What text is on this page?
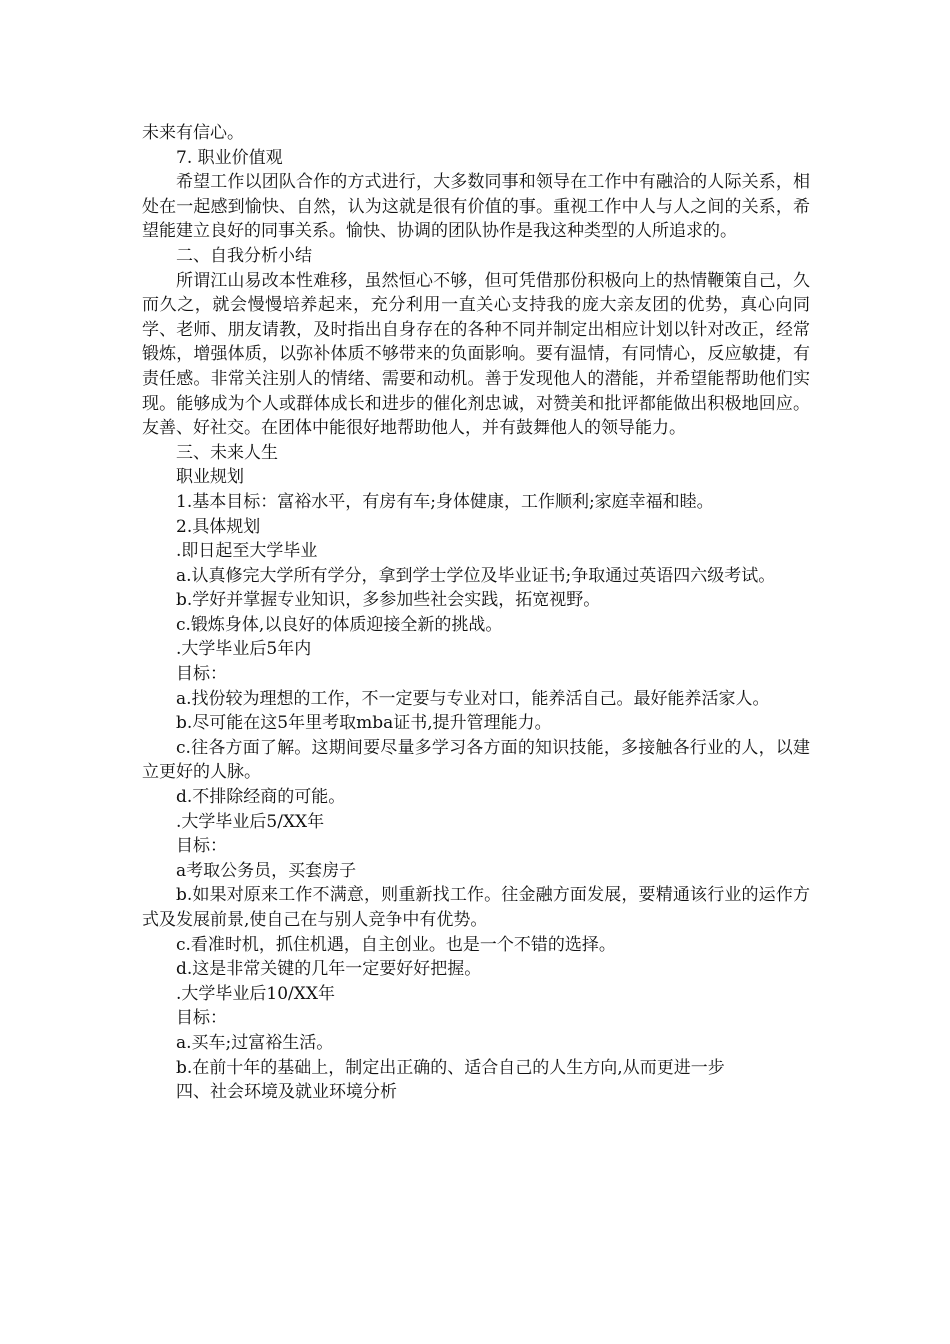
未来有信心。

7. 职业价值观

希望工作以团队合作的方式进行，大多数同事和领导在工作中有融洽的人际关系，相处在一起感到愉快、自然，认为这就是很有价值的事。重视工作中人与人之间的关系，希望能建立良好的同事关系。愉快、协调的团队协作是我这种类型的人所追求的。

二、自我分析小结

所谓江山易改本性难移，虽然恒心不够，但可凭借那份积极向上的热情鞭策自己，久而久之，就会慢慢培养起来，充分利用一直关心支持我的庞大亲友团的优势，真心向同学、老师、朋友请教，及时指出自身存在的各种不同并制定出相应计划以针对改正，经常锻炼，增强体质，以弥补体质不够带来的负面影响。要有温情，有同情心，反应敏捷，有责任感。非常关注别人的情绪、需要和动机。善于发现他人的潜能，并希望能帮助他们实现。能够成为个人或群体成长和进步的催化剂忠诚，对赞美和批评都能做出积极地回应。友善、好社交。在团体中能很好地帮助他人，并有鼓舞他人的领导能力。

三、未来人生

职业规划

1.基本目标：富裕水平，有房有车;身体健康，工作顺利;家庭幸福和睦。

2.具体规划

.即日起至大学毕业

a.认真修完大学所有学分，拿到学士学位及毕业证书;争取通过英语四六级考试。

b.学好并掌握专业知识，多参加些社会实践，拓宽视野。

c.锻炼身体,以良好的体质迎接全新的挑战。

.大学毕业后5年内

目标：

a.找份较为理想的工作，不一定要与专业对口，能养活自己。最好能养活家人。

b.尽可能在这5年里考取mba证书,提升管理能力。

c.往各方面了解。这期间要尽量多学习各方面的知识技能，多接触各行业的人，以建立更好的人脉。

d.不排除经商的可能。

.大学毕业后5/XX年

目标：

a考取公务员，买套房子

b.如果对原来工作不满意，则重新找工作。往金融方面发展，要精通该行业的运作方式及发展前景,使自己在与别人竞争中有优势。

c.看准时机，抓住机遇，自主创业。也是一个不错的选择。

d.这是非常关键的几年一定要好好把握。

.大学毕业后10/XX年

目标：

a.买车;过富裕生活。

b.在前十年的基础上，制定出正确的、适合自己的人生方向,从而更进一步

四、社会环境及就业环境分析
